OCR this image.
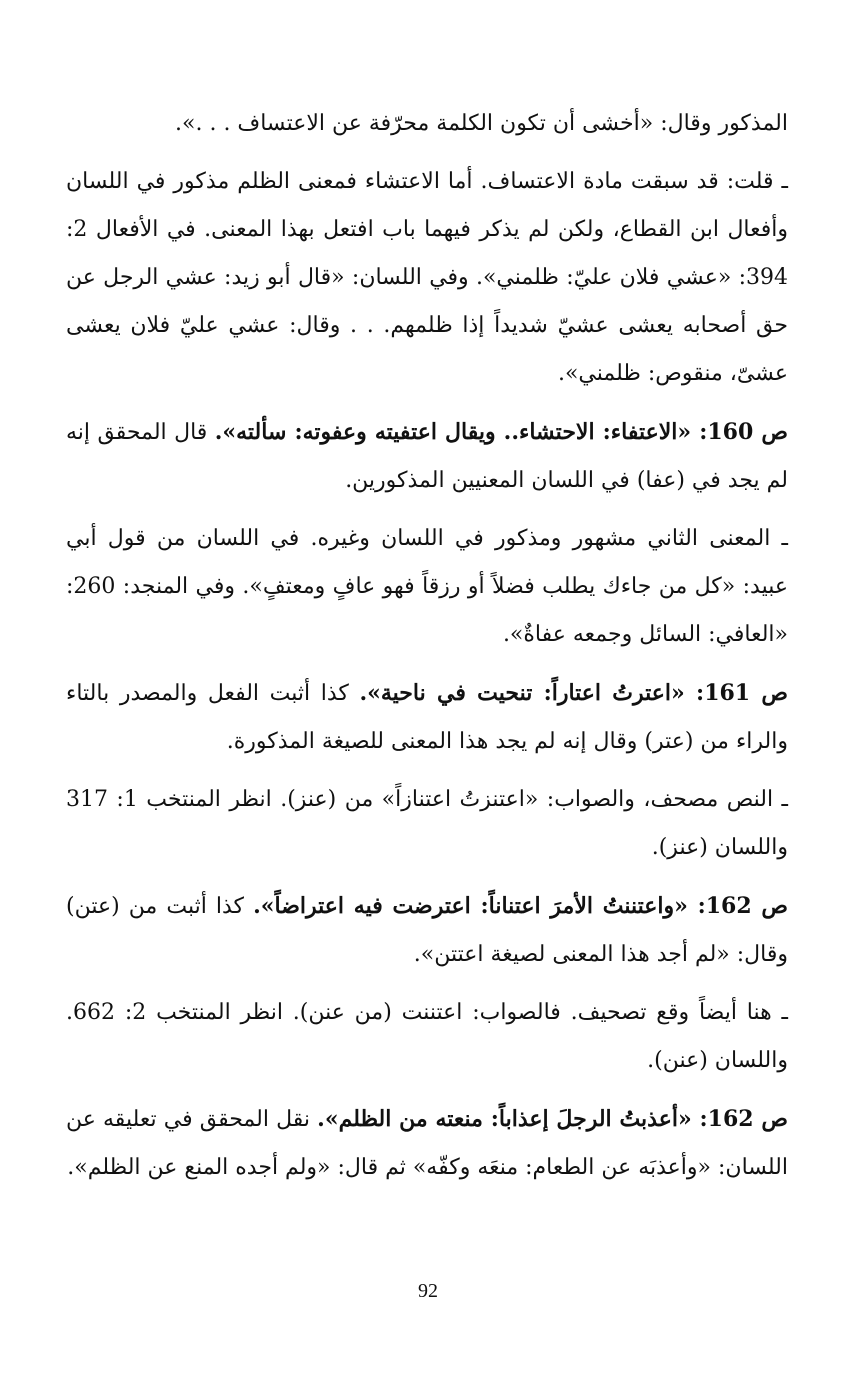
المذكور وقال: «أخشى أن تكون الكلمة محرّفة عن الاعتساف . . .».

ـ قلت: قد سبقت مادة الاعتساف. أما الاعتشاء فمعنى الظلم مذكور في اللسان وأفعال ابن القطاع، ولكن لم يذكر فيهما باب افتعل بهذا المعنى. في الأفعال 2: 394: «عشي فلان عليّ: ظلمني». وفي اللسان: «قال أبو زيد: عشي الرجل عن حق أصحابه يعشى عشيّ شديداً إذا ظلمهم. . . وقال: عشي عليّ فلان يعشى عشىّ، منقوص: ظلمني».

ص 160: «الاعتفاء: الاحتشاء.. ويقال اعتفيته وعفوته: سألته». قال المحقق إنه لم يجد في (عفا) في اللسان المعنيين المذكورين.

ـ المعنى الثاني مشهور ومذكور في اللسان وغيره. في اللسان من قول أبي عبيد: «كل من جاءك يطلب فضلاً أو رزقاً فهو عافٍ ومعتفٍ». وفي المنجد: 260: «العافي: السائل وجمعه عفاةٌ».

ص 161: «اعترتُ اعتاراً: تنحيت في ناحية». كذا أثبت الفعل والمصدر بالتاء والراء من (عتر) وقال إنه لم يجد هذا المعنى للصيغة المذكورة.

ـ النص مصحف، والصواب: «اعتنزتُ اعتنازاً» من (عنز). انظر المنتخب 1: 317 واللسان (عنز).

ص 162: «واعتننتُ الأمرَ اعتناناً: اعترضت فيه اعتراضاً». كذا أثبت من (عتن) وقال: «لم أجد هذا المعنى لصيغة اعتتن».

ـ هنا أيضاً وقع تصحيف. فالصواب: اعتننت (من عنن). انظر المنتخب 2: 662. واللسان (عنن).

ص 162: «أعذبتُ الرجلَ إعذاباً: منعته من الظلم». نقل المحقق في تعليقه عن اللسان: «وأعذبَه عن الطعام: منعَه وكفّه» ثم قال: «ولم أجده المنع عن الظلم».

92
